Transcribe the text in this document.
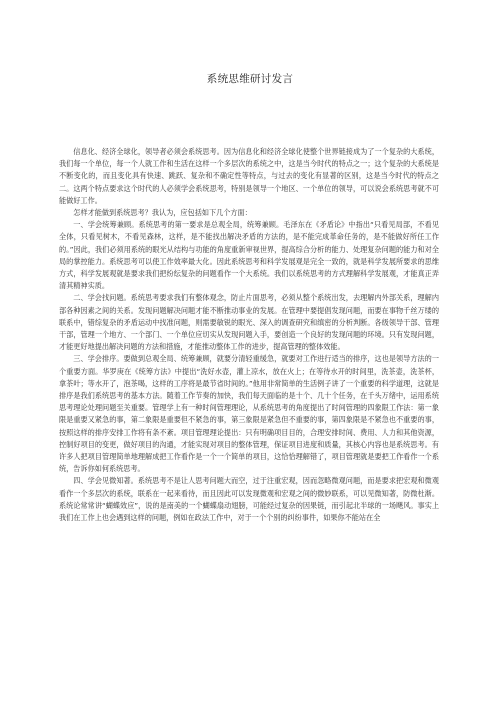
系统思维研讨发言

信息化、经济全球化，领导者必须会系统思考。因为信息化和经济全球化使整个世界链接成为了一个复杂的大系统，我们每一个单位，每一个人就工作和生活在这样一个多层次的系统之中，这是当今时代的特点之一；这个复杂的大系统是不断变化的，而且变化具有快速、跳跃、复杂和不确定性等特点，与过去的变化有显著的区别，这是当今时代的特点之二。这两个特点要求这个时代的人必须学会系统思考，特别是领导一个地区、一个单位的领导，可以说会系统思考就不可能做好工作。

怎样才能做到系统思考？我认为，应包括如下几个方面：

一、学会统筹兼顾。系统思考的第一要求是总观全局，统筹兼顾。毛泽东在《矛盾论》中指出“只看见局部，不看见全体，只看见树木，不看见森林，这样，是不能找出解决矛盾的方法的，是不能完成革命任务的，是不能做好所任工作的。”因此，我们必须用系统的眼光从结构与功能的角度重新审视世界，提高综合分析的能力、处理复杂问题的能力和对全局的掌控能力。系统思考可以使工作效率最大化。因此系统思考和科学发展观是完全一致的，就是科学发展所要求的思维方式，科学发展观就是要求我们把纷纭复杂的问题看作一个大系统。我们以系统思考的方式理解科学发展观，才能真正弄清其精神实质。

二、学会找问题。系统思考要求我们有整体观念，防止片面思考，必须从整个系统出发，去理解内外部关系，理解内部各种因素之间的关系。发现问题解决问题才能不断推动事业的发展。在管理中要提倡发现问题，而要在事物千丝万缕的联系中，错综复杂的矛盾运动中找准问题，则需要敏锐的眼光、深入的调查研究和缜密的分析判断。各级领导干部、管理干部，管理一个地方、一个部门、一个单位应切实从发现问题入手，要创造一个良好的发现问题的环境。只有发现问题，才能更好地提出解决问题的方法和措施，才能推动整体工作的进步，提高管理的整体效能。

三、学会排序。要做到总观全局、统筹兼顾，就要分清轻重缓急，就要对工作进行适当的排序，这也是领导方法的一个重要方面。华罗庚在《统筹方法》中提出“洗好水壶，灌上凉水，放在火上；在等待水开的时间里，洗茶壶，洗茶杯，拿茶叶；等水开了，泡茶喝，这样的工序将是最节省时间的。”他用非常简单的生活例子讲了一个重要的科学道理，这就是排序是我们系统思考的基本方法。随着工作节奏的加快，我们每天面临的是十个、几十个任务，在千头万绪中，运用系统思考理论处理问题至关重要。管理学上有一种时间管理理论，从系统思考的角度提出了时间管理的四象限工作法：第一象限是重要又紧急的事，第二象限是重要但不紧急的事，第三象限是紧急但不重要的事，第四象限是不紧急也不重要的事，按照这样的排序安排工作将有条不紊。项目管理理论提出：只有明确项目目的，合理安排时间、费用、人力和其他资源，控制好项目的变更，做好项目的沟通，才能实现对项目的整体管理，保证项目进度和质量，其核心内容也是系统思考。有许多人把项目管理简单地理解成把工作看作是一个一个简单的项目，这恰恰理解错了，项目管理就是要把工作看作一个系统，告诉你如何系统思考。

四、学会见微知著。系统思考不是让人思考问题大而空，过于注重宏观，因而忽略微观问题，而是要求把宏观和微观看作一个多层次的系统，联系在一起来看待，而且因此可以发现微观和宏观之间的微妙联系，可以见微知著，防微杜渐。系统论常常讲“蝴蝶效应”，说的是南美的一个蝴蝶扇动翅膀，可能经过复杂的因果链，而引起北半球的一场飓风。事实上我们在工作上也会遇到这样的问题，例如在政法工作中，对于一个个别的纠纷事件，如果你不能站在全
